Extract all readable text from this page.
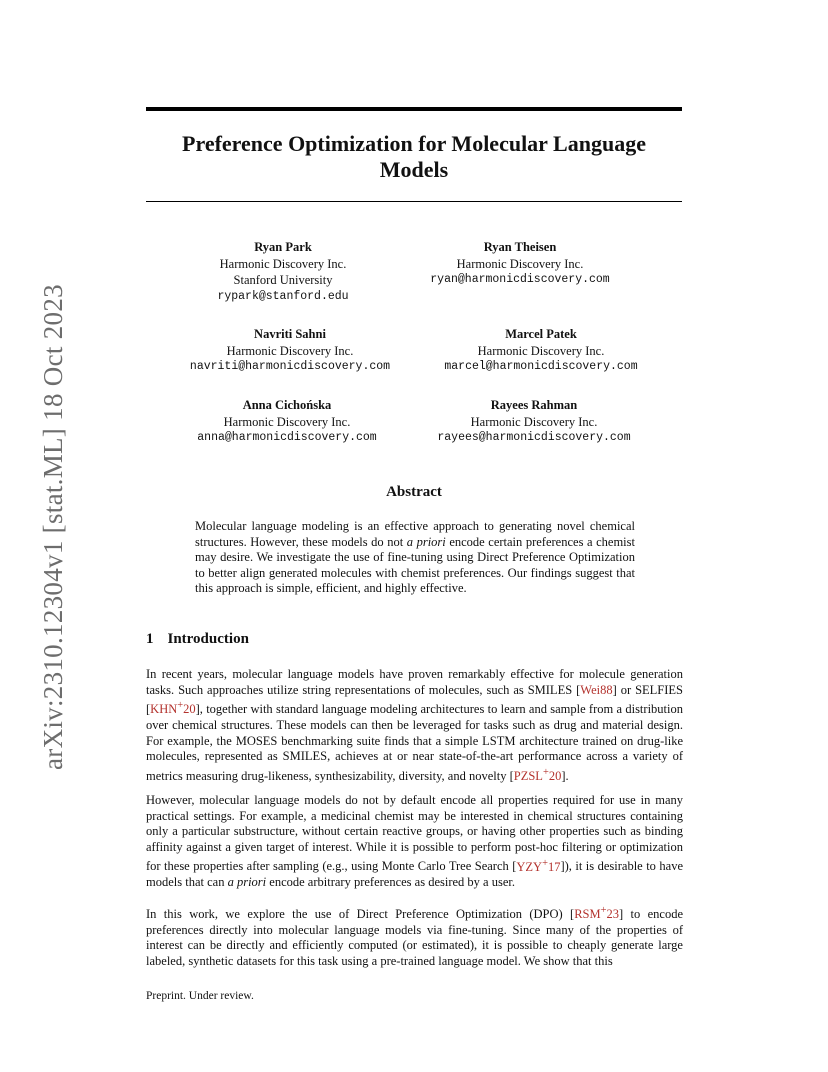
arXiv:2310.12304v1 [stat.ML] 18 Oct 2023
Preference Optimization for Molecular Language Models
Ryan Park
Harmonic Discovery Inc.
Stanford University
rypark@stanford.edu
Ryan Theisen
Harmonic Discovery Inc.
ryan@harmonicdiscovery.com
Navriti Sahni
Harmonic Discovery Inc.
navriti@harmonicdiscovery.com
Marcel Patek
Harmonic Discovery Inc.
marcel@harmonicdiscovery.com
Anna Cichońska
Harmonic Discovery Inc.
anna@harmonicdiscovery.com
Rayees Rahman
Harmonic Discovery Inc.
rayees@harmonicdiscovery.com
Abstract
Molecular language modeling is an effective approach to generating novel chemical structures. However, these models do not a priori encode certain preferences a chemist may desire. We investigate the use of fine-tuning using Direct Preference Optimization to better align generated molecules with chemist preferences. Our findings suggest that this approach is simple, efficient, and highly effective.
1 Introduction
In recent years, molecular language models have proven remarkably effective for molecule generation tasks. Such approaches utilize string representations of molecules, such as SMILES [Wei88] or SELFIES [KHN+20], together with standard language modeling architectures to learn and sample from a distribution over chemical structures. These models can then be leveraged for tasks such as drug and material design. For example, the MOSES benchmarking suite finds that a simple LSTM architecture trained on drug-like molecules, represented as SMILES, achieves at or near state-of-the-art performance across a variety of metrics measuring drug-likeness, synthesizability, diversity, and novelty [PZSL+20].
However, molecular language models do not by default encode all properties required for use in many practical settings. For example, a medicinal chemist may be interested in chemical structures containing only a particular substructure, without certain reactive groups, or having other properties such as binding affinity against a given target of interest. While it is possible to perform post-hoc filtering or optimization for these properties after sampling (e.g., using Monte Carlo Tree Search [YZY+17]), it is desirable to have models that can a priori encode arbitrary preferences as desired by a user.
In this work, we explore the use of Direct Preference Optimization (DPO) [RSM+23] to encode preferences directly into molecular language models via fine-tuning. Since many of the properties of interest can be directly and efficiently computed (or estimated), it is possible to cheaply generate large labeled, synthetic datasets for this task using a pre-trained language model. We show that this
Preprint. Under review.
